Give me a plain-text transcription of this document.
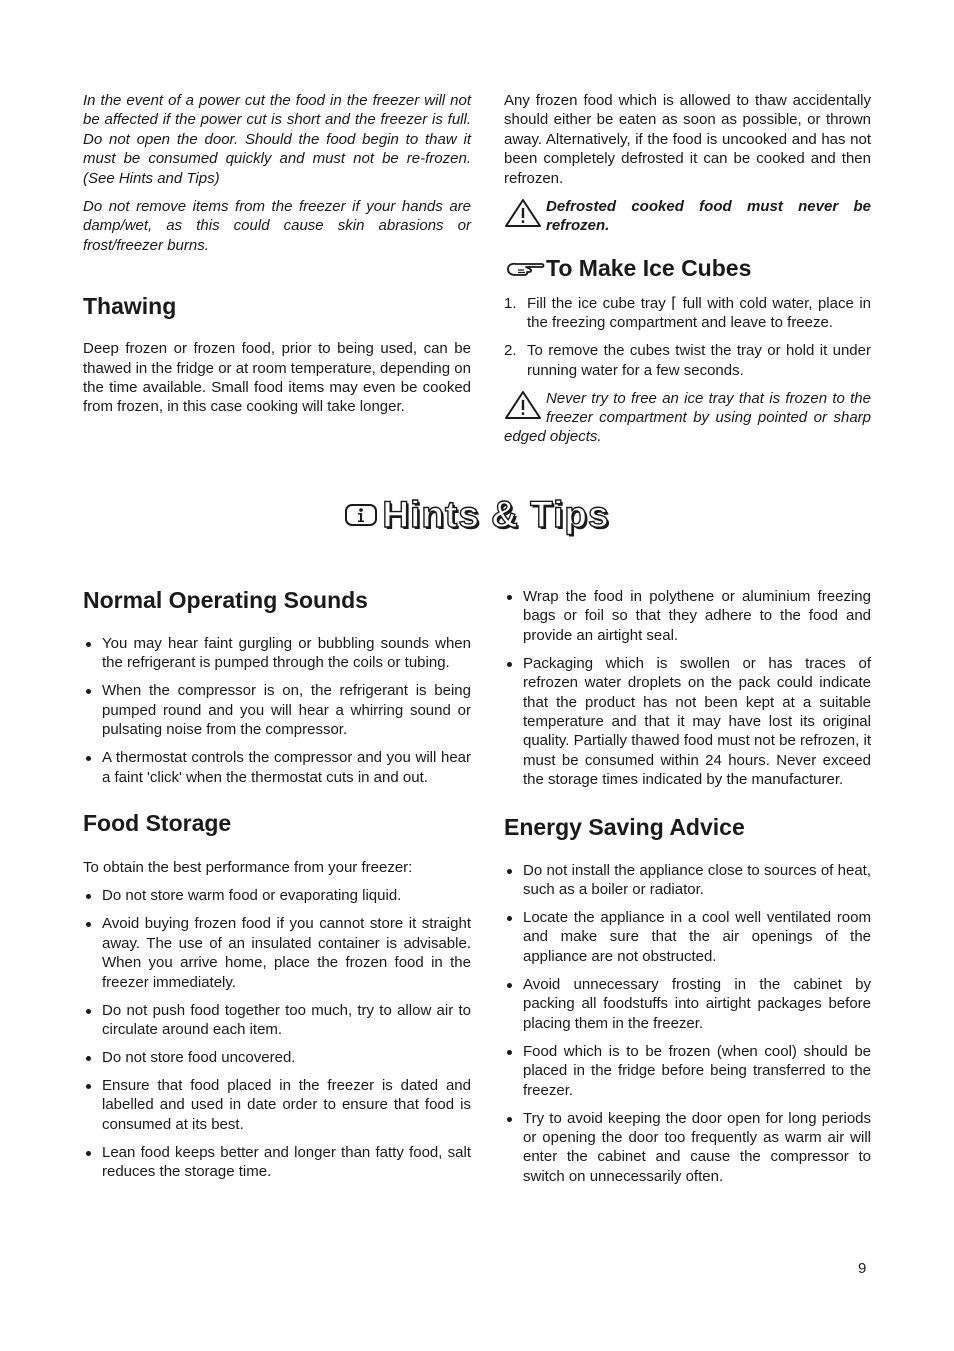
In the event of a power cut the food in the freezer will not be affected if the power cut is short and the freezer is full. Do not open the door. Should the food begin to thaw it must be consumed quickly and must not be re-frozen. (See Hints and Tips)

Do not remove items from the freezer if your hands are damp/wet, as this could cause skin abrasions or frost/freezer burns.

Thawing

Deep frozen or frozen food, prior to being used, can be thawed in the fridge or at room temperature, depending on the time available. Small food items may even be cooked from frozen, in this case cooking will take longer.

Any frozen food which is allowed to thaw accidentally should either be eaten as soon as possible, or thrown away. Alternatively, if the food is uncooked and has not been completely defrosted it can be cooked and then refrozen.

Defrosted cooked food must never be refrozen.

To Make Ice Cubes
1. Fill the ice cube tray ⌈ full with cold water, place in the freezing compartment and leave to freeze.
2. To remove the cubes twist the tray or hold it under running water for a few seconds.

Never try to free an ice tray that is frozen to the freezer compartment by using pointed or sharp edged objects.

Hints & Tips
Normal Operating Sounds
You may hear faint gurgling or bubbling sounds when the refrigerant is pumped through the coils or tubing.
When the compressor is on, the refrigerant is being pumped round and you will hear a whirring sound or pulsating noise from the compressor.
A thermostat controls the compressor and you will hear a faint 'click' when the thermostat cuts in and out.
Food Storage

To obtain the best performance from your freezer:

Do not store warm food or evaporating liquid.
Avoid buying frozen food if you cannot store it straight away. The use of an insulated container is advisable. When you arrive home, place the frozen food in the freezer immediately.
Do not push food together too much, try to allow air to circulate around each item.
Do not store food uncovered.
Ensure that food placed in the freezer is dated and labelled and used in date order to ensure that food is consumed at its best.
Lean food keeps better and longer than fatty food, salt reduces the storage time.
Wrap the food in polythene or aluminium freezing bags or foil so that they adhere to the food and provide an airtight seal.
Packaging which is swollen or has traces of refrozen water droplets on the pack could indicate that the product has not been kept at a suitable temperature and that it may have lost its original quality. Partially thawed food must not be refrozen, it must be consumed within 24 hours. Never exceed the storage times indicated by the manufacturer.
Energy Saving Advice
Do not install the appliance close to sources of heat, such as a boiler or radiator.
Locate the appliance in a cool well ventilated room and make sure that the air openings of the appliance are not obstructed.
Avoid unnecessary frosting in the cabinet by packing all foodstuffs into airtight packages before placing them in the freezer.
Food which is to be frozen (when cool) should be placed in the fridge before being transferred to the freezer.
Try to avoid keeping the door open for long periods or opening the door too frequently as warm air will enter the cabinet and cause the compressor to switch on unnecessarily often.
9
